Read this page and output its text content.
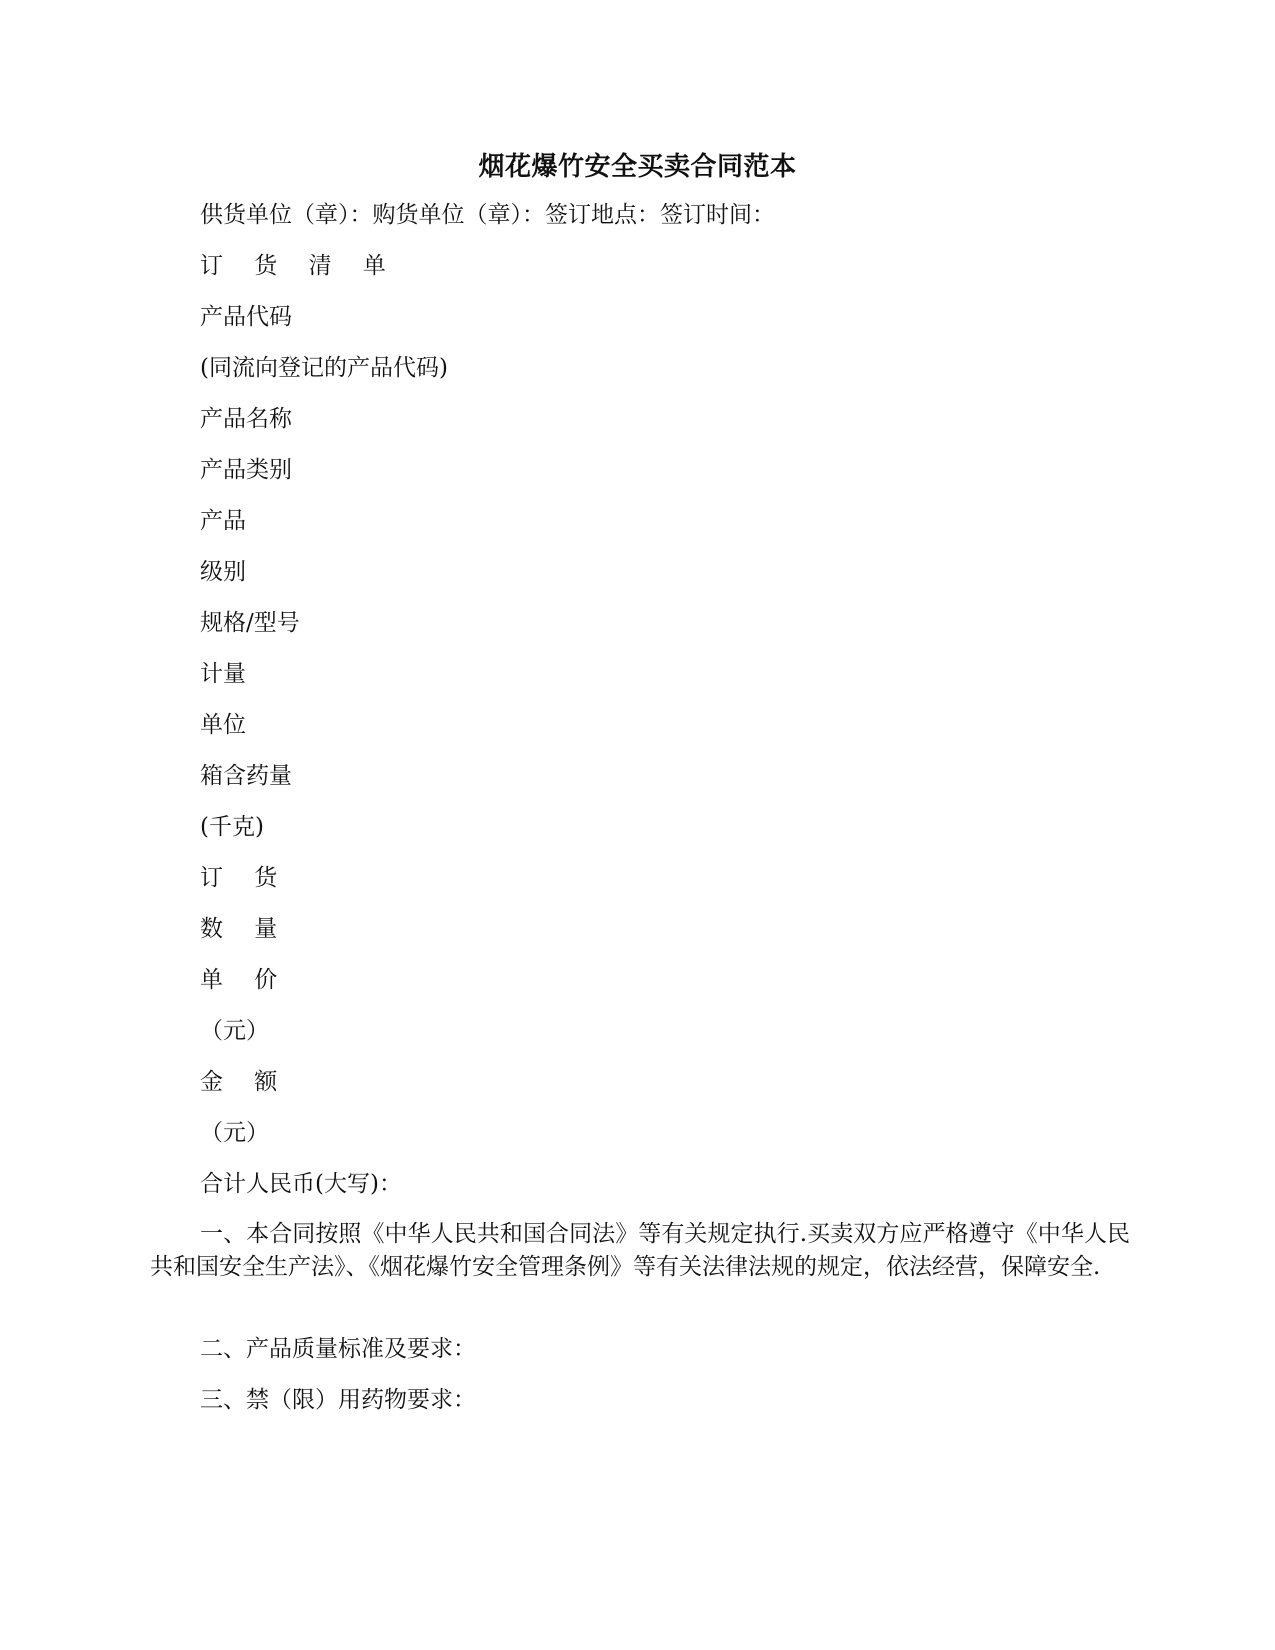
烟花爆竹安全买卖合同范本
供货单位（章）：购货单位（章）：签订地点：签订时间：
订 货 清 单
产品代码
(同流向登记的产品代码)
产品名称
产品类别
产品
级别
规格/型号
计量
单位
箱含药量
(千克)
订 货
数 量
单 价
（元）
金 额
（元）
合计人民币(大写)：
一、本合同按照《中华人民共和国合同法》等有关规定执行.买卖双方应严格遵守《中华人民共和国安全生产法》、《烟花爆竹安全管理条例》等有关法律法规的规定，依法经营，保障安全.
二、产品质量标准及要求：
三、禁（限）用药物要求：
